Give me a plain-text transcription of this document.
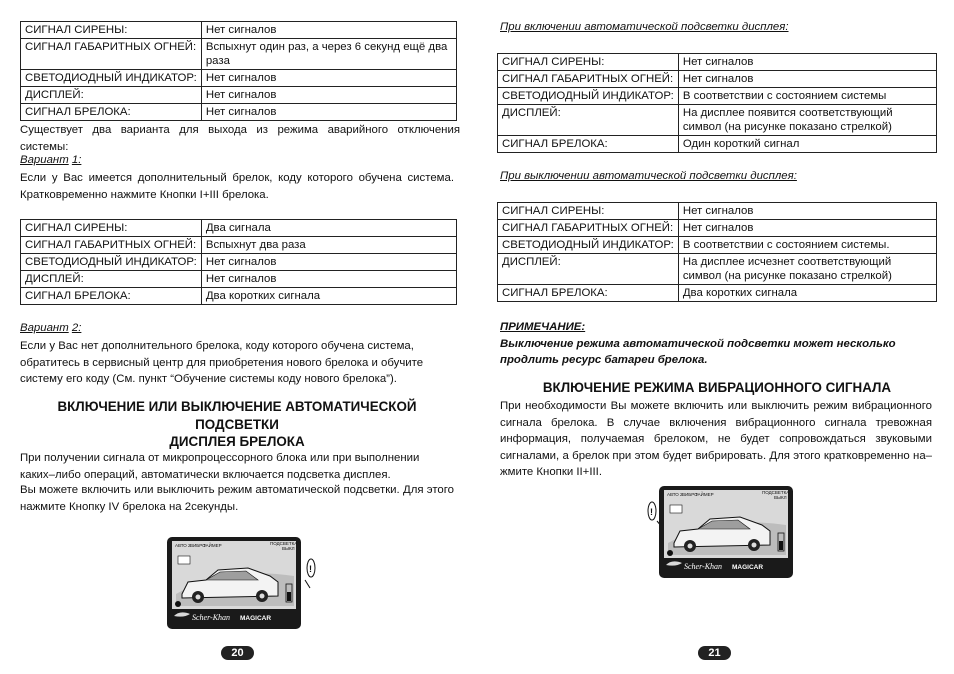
СИГНАЛ СИРЕНЫ:	Нет сигналов
СИГНАЛ ГАБАРИТНЫХ ОГНЕЙ:	Вспыхнут один раз, а через 6 секунд ещё два раза
СВЕТОДИОДНЫЙ ИНДИКАТОР:	Нет сигналов
ДИСПЛЕЙ:	Нет сигналов
СИГНАЛ БРЕЛОКА:	Нет сигналов
Существует два варианта для выхода из режима аварийного отключения системы:
Вариант 1:
Если у Вас имеется дополнительный брелок, коду которого обучена система. Кратковременно нажмите Кнопки I+III брелока.
СИГНАЛ СИРЕНЫ:	Два сигнала
СИГНАЛ ГАБАРИТНЫХ ОГНЕЙ:	Вспыхнут два раза
СВЕТОДИОДНЫЙ ИНДИКАТОР:	Нет сигналов
ДИСПЛЕЙ:	Нет сигналов
СИГНАЛ БРЕЛОКА:	Два коротких сигнала
Вариант 2:
Если у Вас нет дополнительного брелока, коду которого обучена система, обратитесь в сервисный центр для приобретения нового брелока и обучите систему его коду (См. пункт “Обучение системы коду нового брелока”).
ВКЛЮЧЕНИЕ ИЛИ ВЫКЛЮЧЕНИЕ АВТОМАТИЧЕСКОЙ ПОДСВЕТКИ
ДИСПЛЕЯ БРЕЛОКА
При получении сигнала от микропроцессорного блока или при выполнении каких–либо операций, автоматически включается подсветка дисплея.
Вы можете включить или выключить режим автоматической подсветки. Для этого нажмите Кнопку IV брелока на 2секунды.
АВТО 2 ВИБРО
ТАЙМЕР	ПОДСВЕТКА
ВЫКЛ
Scher-Khan MAGICAR
!
20
При включении автоматической подсветки дисплея:
СИГНАЛ СИРЕНЫ:	Нет сигналов
СИГНАЛ ГАБАРИТНЫХ ОГНЕЙ:	Нет сигналов
СВЕТОДИОДНЫЙ ИНДИКАТОР:	В соответствии с состоянием системы
ДИСПЛЕЙ:	На дисплее появится соответствующий символ (на рисунке показано стрелкой)
СИГНАЛ БРЕЛОКА:	Один короткий сигнал
При выключении автоматической подсветки дисплея:
СИГНАЛ СИРЕНЫ:	Нет сигналов
СИГНАЛ ГАБАРИТНЫХ ОГНЕЙ:	Нет сигналов
СВЕТОДИОДНЫЙ ИНДИКАТОР:	В соответствии с состоянием системы.
ДИСПЛЕЙ:	На дисплее исчезнет соответствующий символ (на рисунке показано стрелкой)
СИГНАЛ БРЕЛОКА:	Два коротких сигнала
ПРИМЕЧАНИЕ:
Выключение режима автоматической подсветки может несколько продлить ресурс батареи брелока.
ВКЛЮЧЕНИЕ РЕЖИМА ВИБРАЦИОННОГО СИГНАЛА
При необходимости Вы можете включить или выключить режим вибрационного сигнала брелока. В случае включения вибрационного сигнала тревожная информация, получаемая брелоком, не будет сопровождаться звуковыми сигналами, а брелок при этом будет вибрировать. Для этого кратковременно на–жмите Кнопки II+III.
!
АВТО 2 ВИБРО
ТАЙМЕР	ПОДСВЕТКА
ВЫКЛ
Scher-Khan MAGICAR
21
